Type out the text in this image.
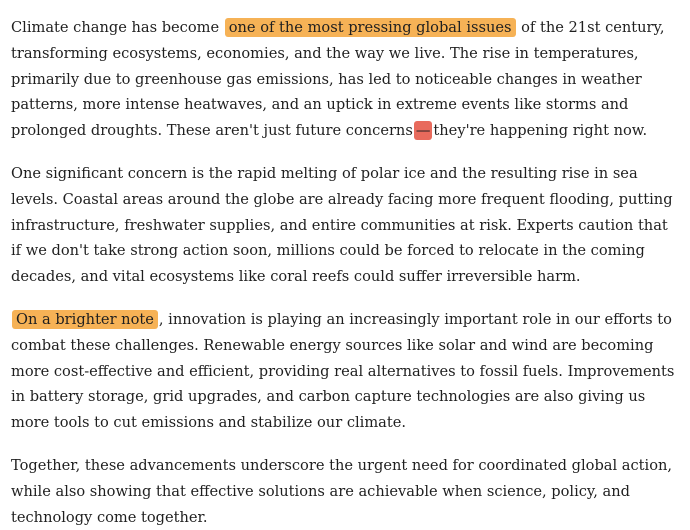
Climate change has become one of the most pressing global issues of the 21st century, transforming ecosystems, economies, and the way we live. The rise in temperatures, primarily due to greenhouse gas emissions, has led to noticeable changes in weather patterns, more intense heatwaves, and an uptick in extreme events like storms and prolonged droughts. These aren't just future concerns — they're happening right now.

One significant concern is the rapid melting of polar ice and the resulting rise in sea levels. Coastal areas around the globe are already facing more frequent flooding, putting infrastructure, freshwater supplies, and entire communities at risk. Experts caution that if we don't take strong action soon, millions could be forced to relocate in the coming decades, and vital ecosystems like coral reefs could suffer irreversible harm.

On a brighter note , innovation is playing an increasingly important role in our efforts to combat these challenges. Renewable energy sources like solar and wind are becoming more cost-effective and efficient, providing real alternatives to fossil fuels. Improvements in battery storage, grid upgrades, and carbon capture technologies are also giving us more tools to cut emissions and stabilize our climate.

Together, these advancements underscore the urgent need for coordinated global action, while also showing that effective solutions are achievable when science, policy, and technology come together.
